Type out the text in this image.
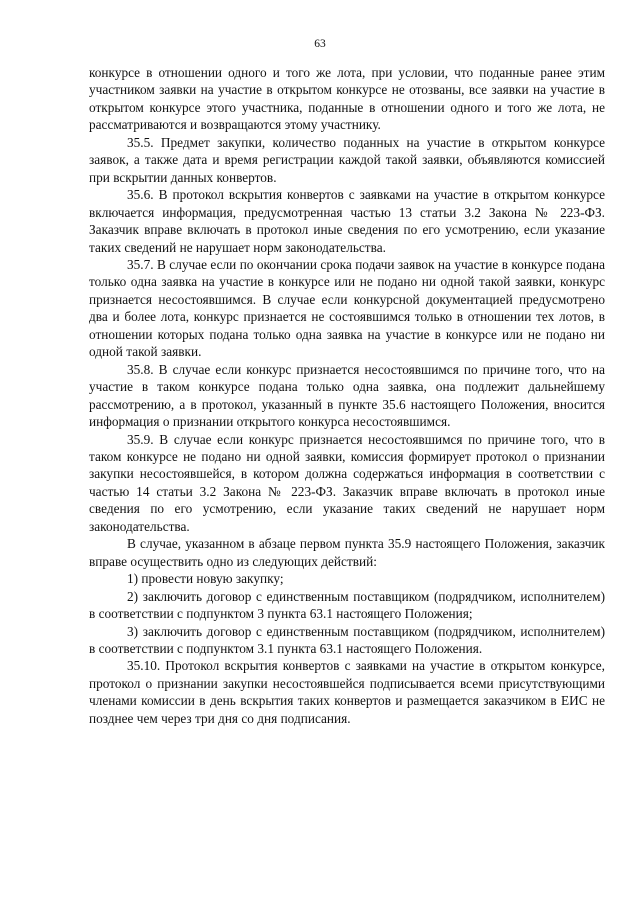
63

конкурсе в отношении одного и того же лота, при условии, что поданные ранее этим участником заявки на участие в открытом конкурсе не отозваны, все заявки на участие в открытом конкурсе этого участника, поданные в отношении одного и того же лота, не рассматриваются и возвращаются этому участнику.

35.5. Предмет закупки, количество поданных на участие в открытом конкурсе заявок, а также дата и время регистрации каждой такой заявки, объявляются комиссией при вскрытии данных конвертов.

35.6. В протокол вскрытия конвертов с заявками на участие в открытом конкурсе включается информация, предусмотренная частью 13 статьи 3.2 Закона № 223-ФЗ. Заказчик вправе включать в протокол иные сведения по его усмотрению, если указание таких сведений не нарушает норм законодательства.

35.7. В случае если по окончании срока подачи заявок на участие в конкурсе подана только одна заявка на участие в конкурсе или не подано ни одной такой заявки, конкурс признается несостоявшимся. В случае если конкурсной документацией предусмотрено два и более лота, конкурс признается не состоявшимся только в отношении тех лотов, в отношении которых подана только одна заявка на участие в конкурсе или не подано ни одной такой заявки.

35.8. В случае если конкурс признается несостоявшимся по причине того, что на участие в таком конкурсе подана только одна заявка, она подлежит дальнейшему рассмотрению, а в протокол, указанный в пункте 35.6 настоящего Положения, вносится информация о признании открытого конкурса несостоявшимся.

35.9. В случае если конкурс признается несостоявшимся по причине того, что в таком конкурсе не подано ни одной заявки, комиссия формирует протокол о признании закупки несостоявшейся, в котором должна содержаться информация в соответствии с частью 14 статьи 3.2 Закона № 223-ФЗ. Заказчик вправе включать в протокол иные сведения по его усмотрению, если указание таких сведений не нарушает норм законодательства.

В случае, указанном в абзаце первом пункта 35.9 настоящего Положения, заказчик вправе осуществить одно из следующих действий:

1) провести новую закупку;

2) заключить договор с единственным поставщиком (подрядчиком, исполнителем) в соответствии с подпунктом 3 пункта 63.1 настоящего Положения;

3) заключить договор с единственным поставщиком (подрядчиком, исполнителем) в соответствии с подпунктом 3.1 пункта 63.1 настоящего Положения.

35.10. Протокол вскрытия конвертов с заявками на участие в открытом конкурсе, протокол о признании закупки несостоявшейся подписывается всеми присутствующими членами комиссии в день вскрытия таких конвертов и размещается заказчиком в ЕИС не позднее чем через три дня со дня подписания.
